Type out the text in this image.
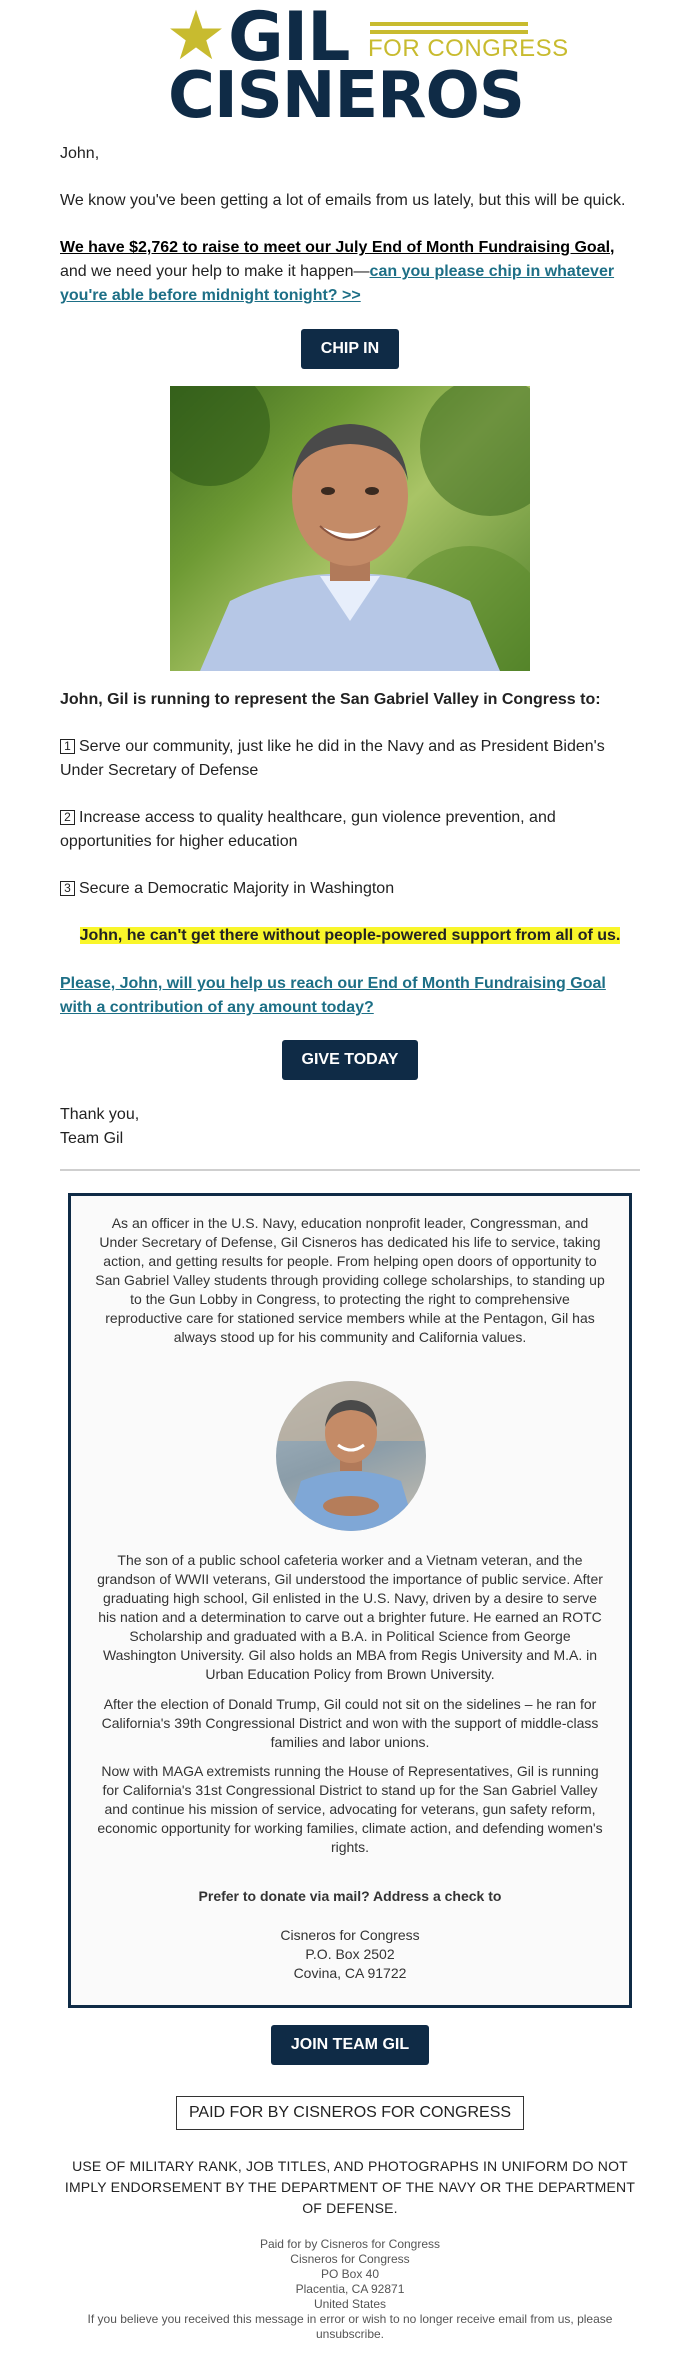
GIL FOR CONGRESS
CISNEROS
John,
We know you've been getting a lot of emails from us lately, but this will be quick.
We have $2,762 to raise to meet our July End of Month Fundraising Goal, and we need your help to make it happen—can you please chip in whatever you're able before midnight tonight? >>
CHIP IN
John, Gil is running to represent the San Gabriel Valley in Congress to:
1 Serve our community, just like he did in the Navy and as President Biden's Under Secretary of Defense
2 Increase access to quality healthcare, gun violence prevention, and opportunities for higher education
3 Secure a Democratic Majority in Washington
John, he can't get there without people-powered support from all of us.
Please, John, will you help us reach our End of Month Fundraising Goal with a contribution of any amount today?
GIVE TODAY
Thank you,
Team Gil
As an officer in the U.S. Navy, education nonprofit leader, Congressman, and Under Secretary of Defense, Gil Cisneros has dedicated his life to service, taking action, and getting results for people. From helping open doors of opportunity to San Gabriel Valley students through providing college scholarships, to standing up to the Gun Lobby in Congress, to protecting the right to comprehensive reproductive care for stationed service members while at the Pentagon, Gil has always stood up for his community and California values.
The son of a public school cafeteria worker and a Vietnam veteran, and the grandson of WWII veterans, Gil understood the importance of public service. After graduating high school, Gil enlisted in the U.S. Navy, driven by a desire to serve his nation and a determination to carve out a brighter future. He earned an ROTC Scholarship and graduated with a B.A. in Political Science from George Washington University. Gil also holds an MBA from Regis University and M.A. in Urban Education Policy from Brown University.
After the election of Donald Trump, Gil could not sit on the sidelines – he ran for California's 39th Congressional District and won with the support of middle-class families and labor unions.
Now with MAGA extremists running the House of Representatives, Gil is running for California's 31st Congressional District to stand up for the San Gabriel Valley and continue his mission of service, advocating for veterans, gun safety reform, economic opportunity for working families, climate action, and defending women's rights.
Prefer to donate via mail? Address a check to
Cisneros for Congress
P.O. Box 2502
Covina, CA 91722
JOIN TEAM GIL
PAID FOR BY CISNEROS FOR CONGRESS
USE OF MILITARY RANK, JOB TITLES, AND PHOTOGRAPHS IN UNIFORM DO NOT IMPLY ENDORSEMENT BY THE DEPARTMENT OF THE NAVY OR THE DEPARTMENT OF DEFENSE.
Paid for by Cisneros for Congress
Cisneros for Congress
PO Box 40
Placentia, CA 92871
United States
If you believe you received this message in error or wish to no longer receive email from us, please unsubscribe.
